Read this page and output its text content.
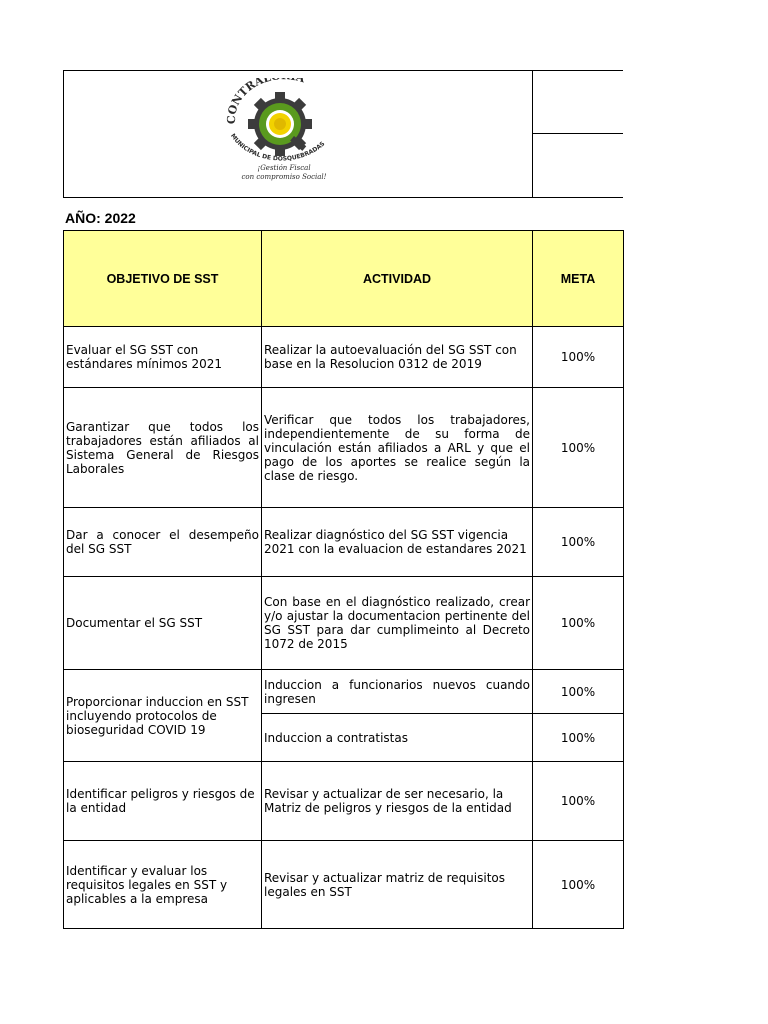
CONTRAL
MUNICIPAL DE DOSQUEBRADAS
¡Gestión Fiscal
con compromiso Social!
AÑO: 2022
OBJETIVO DE SST	ACTIVIDAD	META
Evaluar el SG SST con estándares mínimos 2021	Realizar la autoevaluación del SG SST con base en la Resolucion 0312 de 2019	100%
Garantizar que todos los trabajadores están afiliados al Sistema General de Riesgos Laborales	Verificar que todos los trabajadores, independientemente de su forma de vinculación están afiliados a ARL y que el pago de los aportes se realice según la clase de riesgo.	100%
Dar a conocer el desempeño del SG SST	Realizar diagnóstico del SG SST vigencia 2021 con la evaluacion de estandares 2021	100%
Documentar el SG SST	Con base en el diagnóstico realizado, crear y/o ajustar la documentacion pertinente del SG SST para dar cumplimeinto al Decreto 1072 de 2015	100%
Proporcionar induccion en SST incluyendo protocolos de bioseguridad COVID 19	Induccion a funcionarios nuevos cuando ingresen	100%
	Induccion a contratistas	100%
Identificar peligros y riesgos de la entidad	Revisar y actualizar de ser necesario, la Matriz de peligros y riesgos de la entidad	100%
Identificar y evaluar los requisitos legales en SST y aplicables a la empresa	Revisar y actualizar matriz de requisitos legales en SST	100%
